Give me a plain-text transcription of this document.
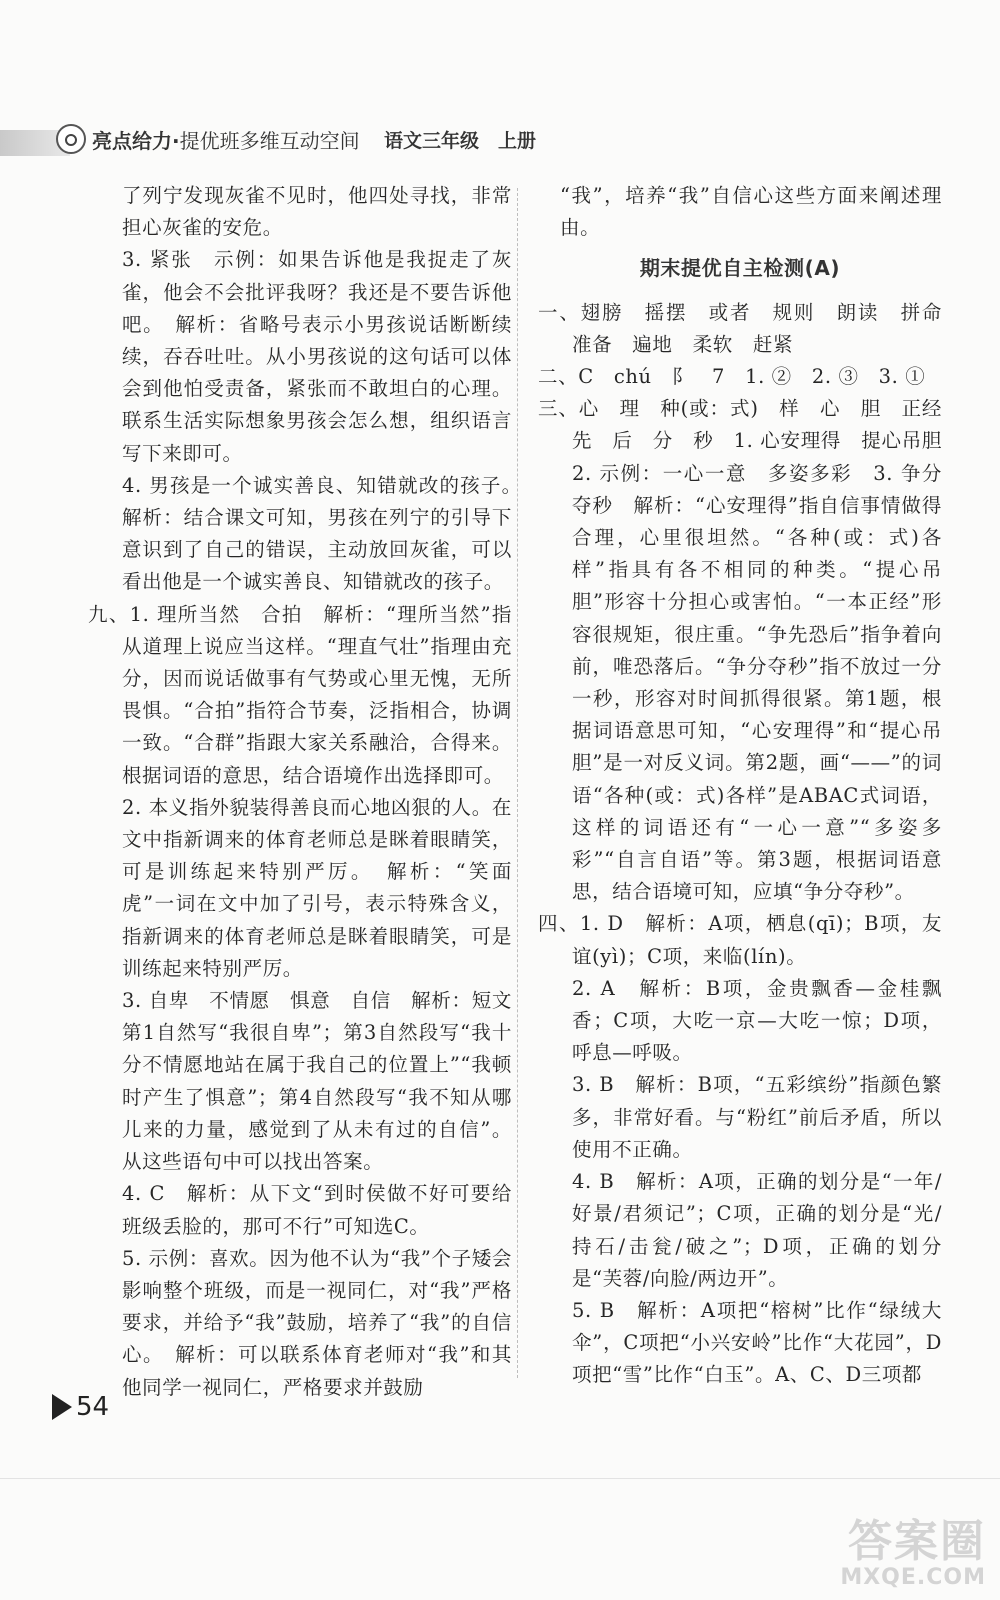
亮点给力·提优班多维互动空间 语文三年级　上册

了列宁发现灰雀不见时，他四处寻找，非常担心灰雀的安危。

3. 紧张　示例：如果告诉他是我捉走了灰雀，他会不会批评我呀？我还是不要告诉他吧。　解析：省略号表示小男孩说话断断续续，吞吞吐吐。从小男孩说的这句话可以体会到他怕受责备，紧张而不敢坦白的心理。联系生活实际想象男孩会怎么想，组织语言写下来即可。

4. 男孩是一个诚实善良、知错就改的孩子。　解析：结合课文可知，男孩在列宁的引导下意识到了自己的错误，主动放回灰雀，可以看出他是一个诚实善良、知错就改的孩子。

九、1. 理所当然　合拍　解析：“理所当然”指从道理上说应当这样。“理直气壮”指理由充分，因而说话做事有气势或心里无愧，无所畏惧。“合拍”指符合节奏，泛指相合，协调一致。“合群”指跟大家关系融洽，合得来。根据词语的意思，结合语境作出选择即可。

2. 本义指外貌装得善良而心地凶狠的人。在文中指新调来的体育老师总是眯着眼睛笑，可是训练起来特别严厉。　解析：“笑面虎”一词在文中加了引号，表示特殊含义，指新调来的体育老师总是眯着眼睛笑，可是训练起来特别严厉。

3. 自卑　不情愿　惧意　自信　解析：短文第1自然写“我很自卑”；第3自然段写“我十分不情愿地站在属于我自己的位置上”“我顿时产生了惧意”；第4自然段写“我不知从哪儿来的力量，感觉到了从未有过的自信”。从这些语句中可以找出答案。

4. C　解析：从下文“到时侯做不好可要给班级丢脸的，那可不行”可知选C。

5. 示例：喜欢。因为他不认为“我”个子矮会影响整个班级，而是一视同仁，对“我”严格要求，并给予“我”鼓励，培养了“我”的自信心。　解析：可以联系体育老师对“我”和其他同学一视同仁，严格要求并鼓励

“我”，培养“我”自信心这些方面来阐述理由。

期末提优自主检测(A)

一、翅膀　摇摆　或者　规则　朗读　拼命　准备　遍地　柔软　赶紧

二、C　chú　阝　7　1. ②　2. ③　3. ①

三、心　理　种(或：式)　样　心　胆　正经　先　后　分　秒　1. 心安理得　提心吊胆　2. 示例：一心一意　多姿多彩　3. 争分夺秒　解析：“心安理得”指自信事情做得合理，心里很坦然。“各种(或：式)各样”指具有各不相同的种类。“提心吊胆”形容十分担心或害怕。“一本正经”形容很规矩，很庄重。“争先恐后”指争着向前，唯恐落后。“争分夺秒”指不放过一分一秒，形容对时间抓得很紧。第1题，根据词语意思可知，“心安理得”和“提心吊胆”是一对反义词。第2题，画“——”的词语“各种(或：式)各样”是ABAC式词语，这样的词语还有“一心一意”“多姿多彩”“自言自语”等。第3题，根据词语意思，结合语境可知，应填“争分夺秒”。

四、1. D　解析：A项，栖息(qī)；B项，友谊(yì)；C项，来临(lín)。

2. A　解析：B项，金贵飘香—金桂飘香；C项，大吃一京—大吃一惊；D项，呼息—呼吸。

3. B　解析：B项，“五彩缤纷”指颜色繁多，非常好看。与“粉红”前后矛盾，所以使用不正确。

4. B　解析：A项，正确的划分是“一年/好景/君须记”；C项，正确的划分是“光/持石/击瓮/破之”；D项，正确的划分是“芙蓉/向脸/两边开”。

5. B　解析：A项把“榕树”比作“绿绒大伞”，C项把“小兴安岭”比作“大花园”，D项把“雪”比作“白玉”。A、C、D三项都

54
答案圈
MXQE.COM
